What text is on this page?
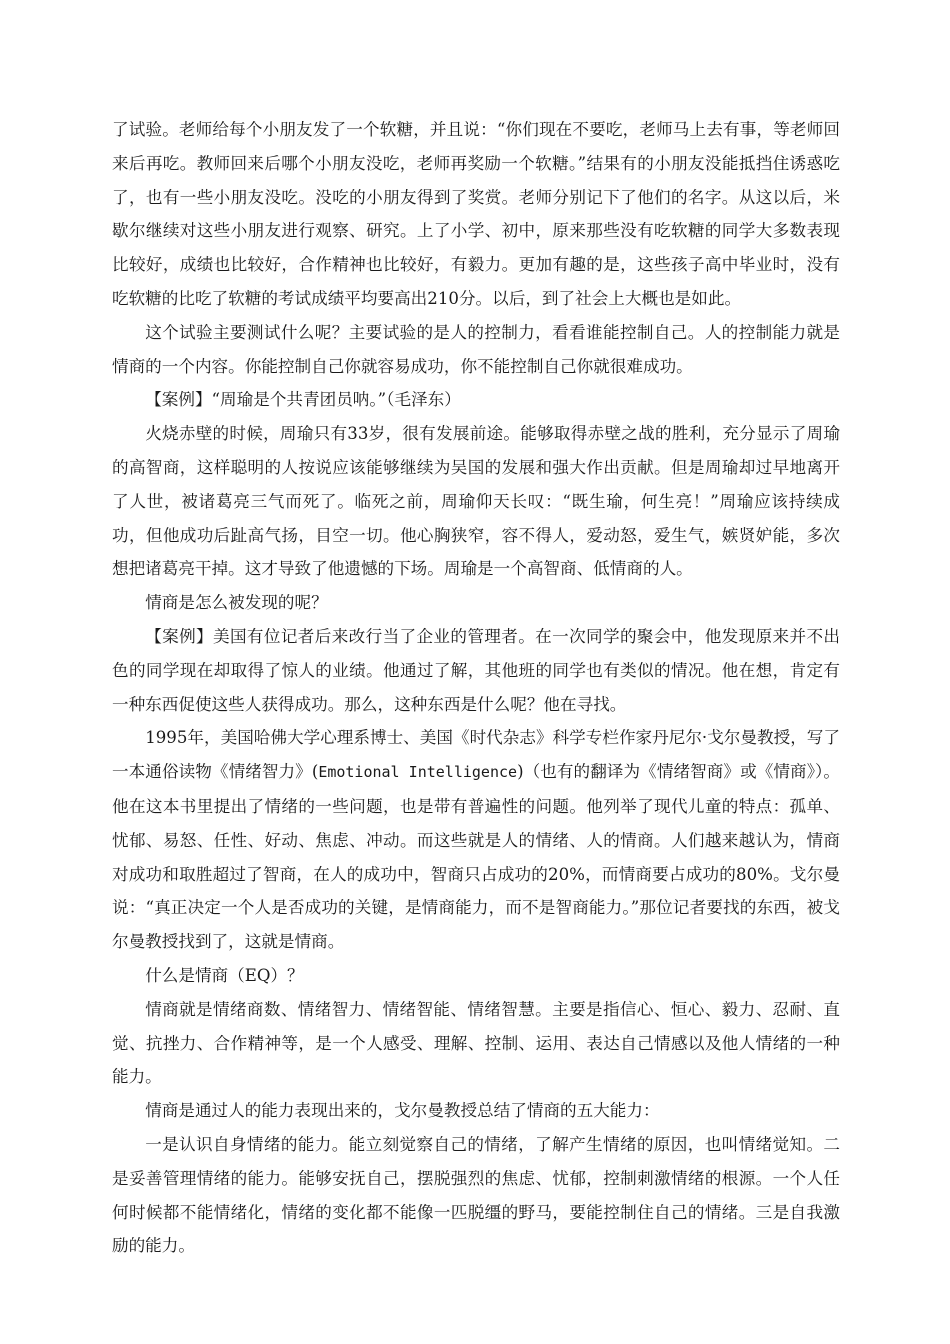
了试验。老师给每个小朋友发了一个软糖，并且说：“你们现在不要吃，老师马上去有事，等老师回来后再吃。教师回来后哪个小朋友没吃，老师再奖励一个软糖。”结果有的小朋友没能抵挡住诱惑吃了，也有一些小朋友没吃。没吃的小朋友得到了奖赏。老师分别记下了他们的名字。从这以后，米歇尔继续对这些小朋友进行观察、研究。上了小学、初中，原来那些没有吃软糖的同学大多数表现比较好，成绩也比较好，合作精神也比较好，有毅力。更加有趣的是，这些孩子高中毕业时，没有吃软糖的比吃了软糖的考试成绩平均要高出210分。以后，到了社会上大概也是如此。

这个试验主要测试什么呢？主要试验的是人的控制力，看看谁能控制自己。人的控制能力就是情商的一个内容。你能控制自己你就容易成功，你不能控制自己你就很难成功。

【案例】“周瑜是个共青团员呐。”（毛泽东）

火烧赤壁的时候，周瑜只有33岁，很有发展前途。能够取得赤壁之战的胜利，充分显示了周瑜的高智商，这样聪明的人按说应该能够继续为吴国的发展和强大作出贡献。但是周瑜却过早地离开了人世，被诸葛亮三气而死了。临死之前，周瑜仰天长叹：“既生瑜，何生亮！”周瑜应该持续成功，但他成功后趾高气扬，目空一切。他心胸狭窄，容不得人，爱动怒，爱生气，嫉贤妒能，多次想把诸葛亮干掉。这才导致了他遗憾的下场。周瑜是一个高智商、低情商的人。

情商是怎么被发现的呢？

【案例】美国有位记者后来改行当了企业的管理者。在一次同学的聚会中，他发现原来并不出色的同学现在却取得了惊人的业绩。他通过了解，其他班的同学也有类似的情况。他在想，肯定有一种东西促使这些人获得成功。那么，这种东西是什么呢？他在寻找。

1995年，美国哈佛大学心理系博士、美国《时代杂志》科学专栏作家丹尼尔·戈尔曼教授，写了一本通俗读物《情绪智力》(Emotional Intelligence)（也有的翻译为《情绪智商》或《情商》）。他在这本书里提出了情绪的一些问题，也是带有普遍性的问题。他列举了现代儿童的特点：孤单、忧郁、易怒、任性、好动、焦虑、冲动。而这些就是人的情绪、人的情商。人们越来越认为，情商对成功和取胜超过了智商，在人的成功中，智商只占成功的20%，而情商要占成功的80%。戈尔曼说：“真正决定一个人是否成功的关键，是情商能力，而不是智商能力。”那位记者要找的东西，被戈尔曼教授找到了，这就是情商。

什么是情商（EQ）？

情商就是情绪商数、情绪智力、情绪智能、情绪智慧。主要是指信心、恒心、毅力、忍耐、直觉、抗挫力、合作精神等，是一个人感受、理解、控制、运用、表达自己情感以及他人情绪的一种能力。

情商是通过人的能力表现出来的，戈尔曼教授总结了情商的五大能力：

一是认识自身情绪的能力。能立刻觉察自己的情绪，了解产生情绪的原因，也叫情绪觉知。二是妥善管理情绪的能力。能够安抚自己，摆脱强烈的焦虑、忧郁，控制刺激情绪的根源。一个人任何时候都不能情绪化，情绪的变化都不能像一匹脱缰的野马，要能控制住自己的情绪。三是自我激励的能力。
